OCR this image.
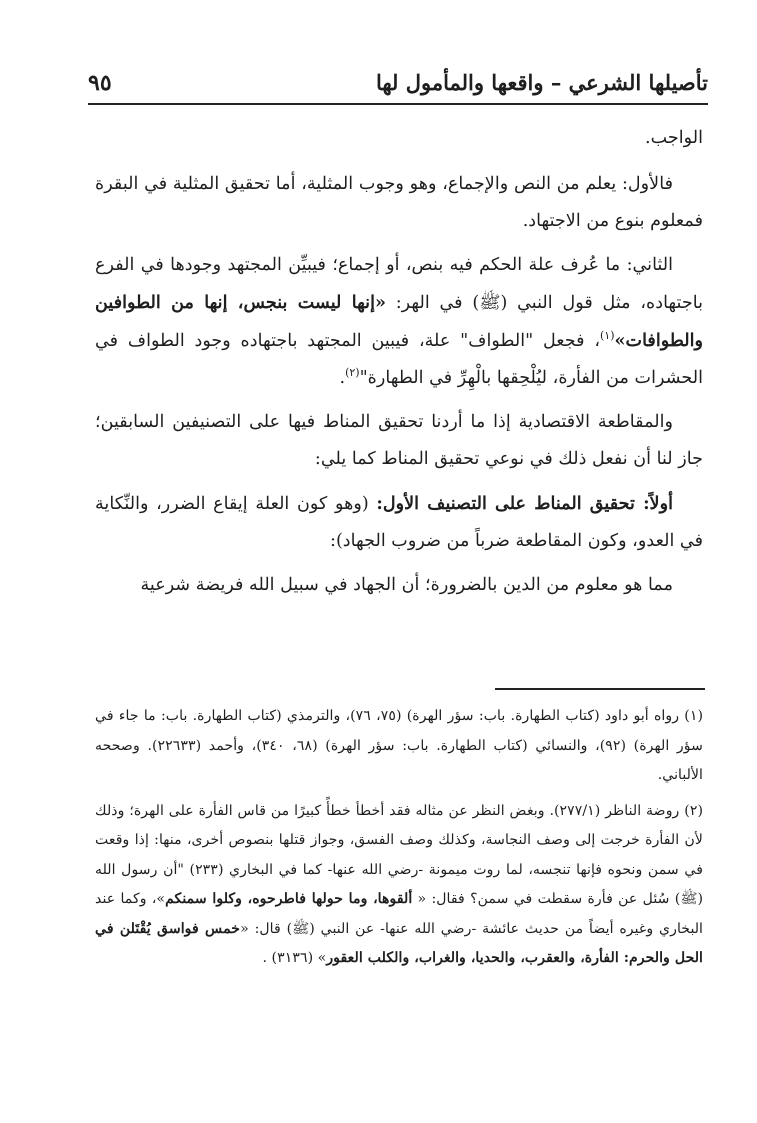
تأصيلها الشرعي – واقعها والمأمول لها
٩٥

الواجب.

فالأول: يعلم من النص والإجماع، وهو وجوب المثلية، أما تحقيق المثلية في البقرة فمعلوم بنوع من الاجتهاد.

الثاني: ما عُرف علة الحكم فيه بنص، أو إجماع؛ فيبيِّن المجتهد وجودها في الفرع باجتهاده، مثل قول النبي (ﷺ) في الهر: «إنها ليست بنجس، إنها من الطوافين والطوافات»$^{(١)}$، فجعل "الطواف" علة، فيبين المجتهد باجتهاده وجود الطواف في الحشرات من الفأرة، ليُلْحِقها بالْهِرِّ في الطهارة"$^{(٢)}$.

والمقاطعة الاقتصادية إذا ما أردنا تحقيق المناط فيها على التصنيفين السابقين؛ جاز لنا أن نفعل ذلك في نوعي تحقيق المناط كما يلي:

أولاً: تحقيق المناط على التصنيف الأول: (وهو كون العلة إيقاع الضرر، والنِّكاية في العدو، وكون المقاطعة ضرباً من ضروب الجهاد):

مما هو معلوم من الدين بالضرورة؛ أن الجهاد في سبيل الله فريضة شرعية

(١) رواه أبو داود (كتاب الطهارة. باب: سؤر الهرة) (٧٥، ٧٦)، والترمذي (كتاب الطهارة. باب: ما جاء في سؤر الهرة) (٩٢)، والنسائي (كتاب الطهارة. باب: سؤر الهرة) (٦٨، ٣٤٠)، وأحمد (٢٢٦٣٣). وصححه الألباني.

(٢) روضة الناظر (٢٧٧/١). وبغض النظر عن مثاله فقد أخطأ خطأً كبيرًا من قاس الفأرة على الهرة؛ وذلك لأن الفأرة خرجت إلى وصف النجاسة، وكذلك وصف الفسق، وجواز قتلها بنصوص أخرى، منها: إذا وقعت في سمن ونحوه فإنها تنجسه، لما روت ميمونة -رضي الله عنها- كما في البخاري (٢٣٣) "أن رسول الله (ﷺ) سُئل عن فأرة سقطت في سمن؟ فقال: « ألقوها، وما حولها فاطرحوه، وكلوا سمنكم»، وكما عند البخاري وغيره أيضاً من حديث عائشة -رضي الله عنها- عن النبي (ﷺ) قال: «خمس فواسق يُقْتَلن في الحل والحرم: الفأرة، والعقرب، والحديا، والغراب، والكلب العقور» (٣١٣٦) .
